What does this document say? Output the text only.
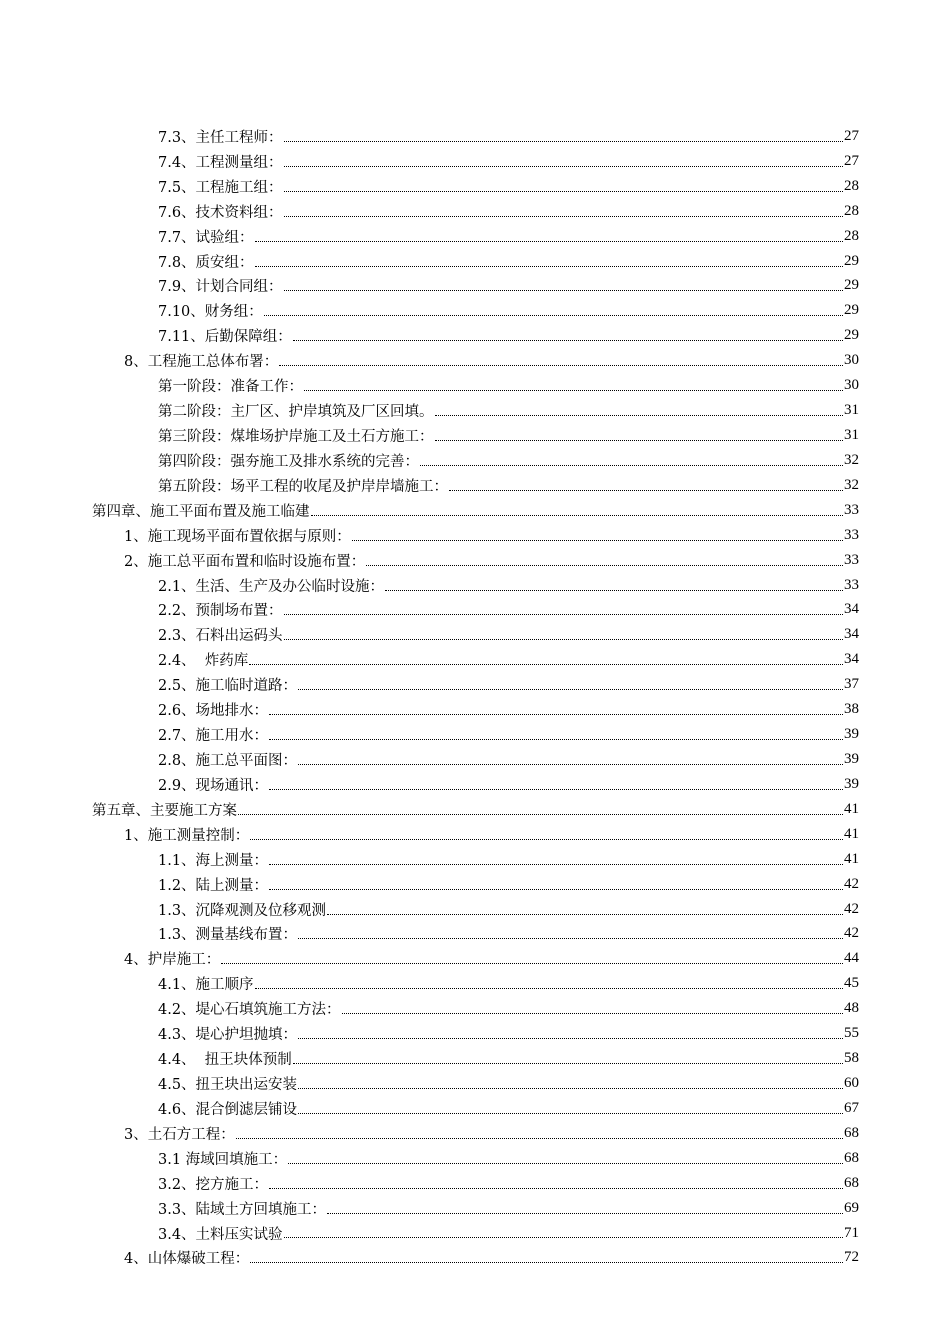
7.3、主任工程师：	27
7.4、工程测量组：	27
7.5、工程施工组：	28
7.6、技术资料组：	28
7.7、试验组：	28
7.8、质安组：	29
7.9、计划合同组：	29
7.10、财务组：	29
7.11、后勤保障组：	29
8、工程施工总体布署：	30
第一阶段：准备工作：	30
第二阶段：主厂区、护岸填筑及厂区回填。	31
第三阶段：煤堆场护岸施工及土石方施工：	31
第四阶段：强夯施工及排水系统的完善：	32
第五阶段：场平工程的收尾及护岸岸墙施工：	32
第四章、施工平面布置及施工临建	33
1、施工现场平面布置依据与原则：	33
2、施工总平面布置和临时设施布置：	33
2.1、生活、生产及办公临时设施：	33
2.2、预制场布置：	34
2.3、石料出运码头	34
2.4、  炸药库	34
2.5、施工临时道路：	37
2.6、场地排水：	38
2.7、施工用水：	39
2.8、施工总平面图：	39
2.9、现场通讯：	39
第五章、主要施工方案	41
1、施工测量控制：	41
1.1、海上测量：	41
1.2、陆上测量：	42
1.3、沉降观测及位移观测	42
1.3、测量基线布置：	42
4、护岸施工：	44
4.1、施工顺序	45
4.2、堤心石填筑施工方法：	48
4.3、堤心护坦抛填：	55
4.4、  扭王块体预制	58
4.5、扭王块出运安装	60
4.6、混合倒滤层铺设	67
3、土石方工程：	68
3.1 海域回填施工：	68
3.2、挖方施工：	68
3.3、陆域土方回填施工：	69
3.4、土料压实试验	71
4、山体爆破工程：	72
